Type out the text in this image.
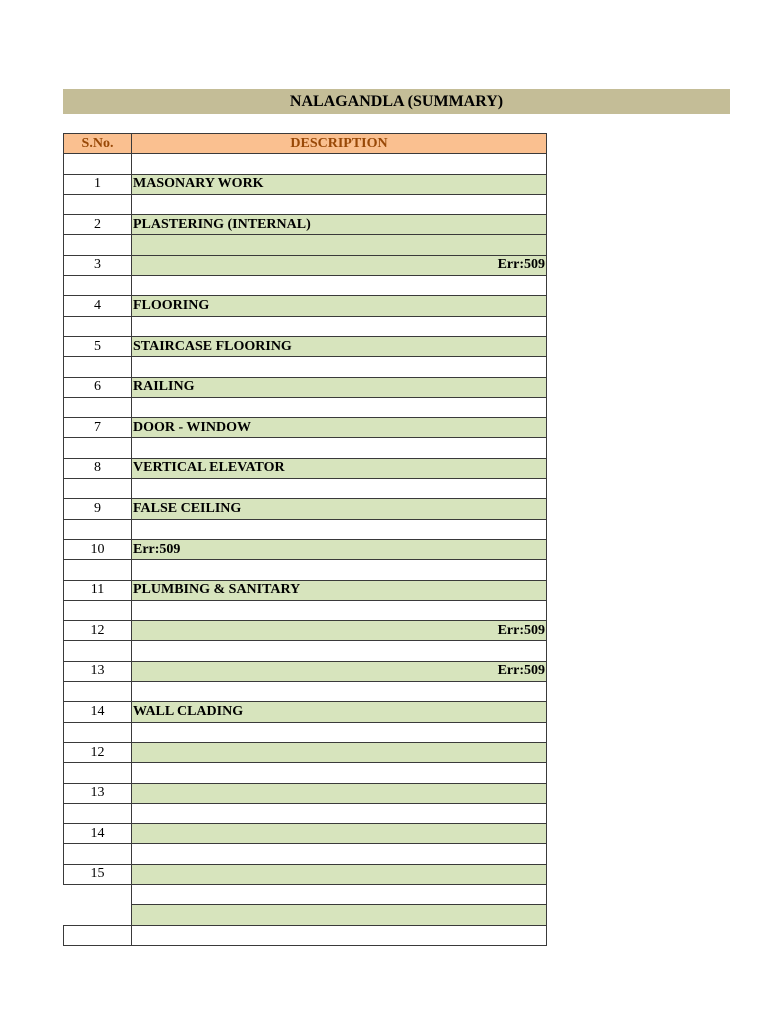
NALAGANDLA (SUMMARY)
S.No.	DESCRIPTION

1	MASONARY WORK

2	PLASTERING (INTERNAL)

3	Err:509

4	FLOORING

5	STAIRCASE FLOORING

6	RAILING

7	DOOR - WINDOW

8	VERTICAL ELEVATOR

9	FALSE CEILING

10	Err:509

11	PLUMBING & SANITARY

12	Err:509

13	Err:509

14	WALL CLADING

12	

13	

14	

15	
